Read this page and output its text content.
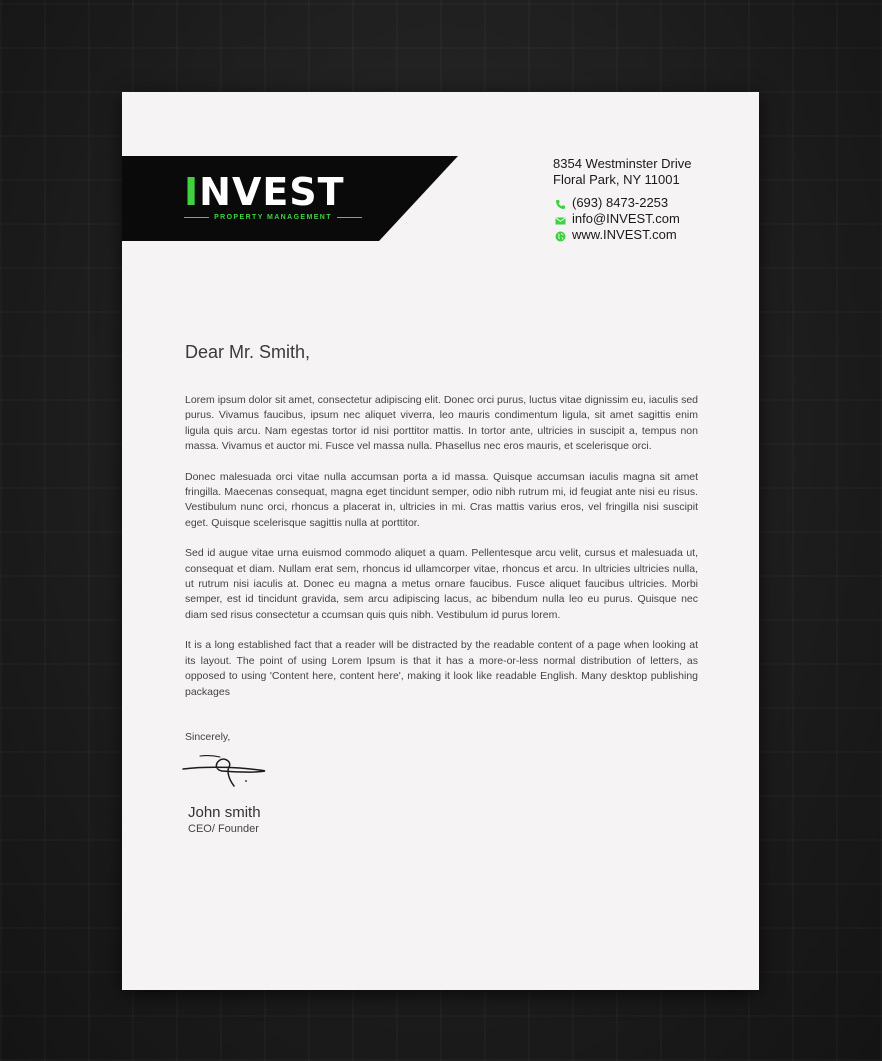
INVEST
PROPERTY MANAGEMENT
8354 Westminster Drive
Floral Park, NY 11001
(693) 8473-2253
info@INVEST.com
www.INVEST.com
Dear Mr. Smith,

Lorem ipsum dolor sit amet, consectetur adipiscing elit. Donec orci purus, luctus vitae dignissim eu, iaculis sed purus. Vivamus faucibus, ipsum nec aliquet viverra, leo mauris condimentum ligula, sit amet sagittis enim ligula quis arcu. Nam egestas tortor id nisi porttitor mattis. In tortor ante, ultricies in suscipit a, tempus non massa. Vivamus et auctor mi. Fusce vel massa nulla. Phasellus nec eros mauris, et scelerisque orci.

Donec malesuada orci vitae nulla accumsan porta a id massa. Quisque accumsan iaculis magna sit amet fringilla. Maecenas consequat, magna eget tincidunt semper, odio nibh rutrum mi, id feugiat ante nisi eu risus. Vestibulum nunc orci, rhoncus a placerat in, ultricies in mi. Cras mattis varius eros, vel fringilla nisi suscipit eget. Quisque scelerisque sagittis nulla at porttitor.

Sed id augue vitae urna euismod commodo aliquet a quam. Pellentesque arcu velit, cursus et malesuada ut, consequat et diam. Nullam erat sem, rhoncus id ullamcorper vitae, rhoncus et arcu. In ultricies ultricies nulla, ut rutrum nisi iaculis at. Donec eu magna a metus ornare faucibus. Fusce aliquet faucibus ultricies. Morbi semper, est id tincidunt gravida, sem arcu adipiscing lacus, ac bibendum nulla leo eu purus. Quisque nec diam sed risus consectetur a ccumsan quis quis nibh. Vestibulum id purus lorem.

It is a long established fact that a reader will be distracted by the readable content of a page when looking at its layout. The point of using Lorem Ipsum is that it has a more-or-less normal distribution of letters, as opposed to using 'Content here, content here', making it look like readable English. Many desktop publishing packages

Sincerely,
John smith
CEO/ Founder
